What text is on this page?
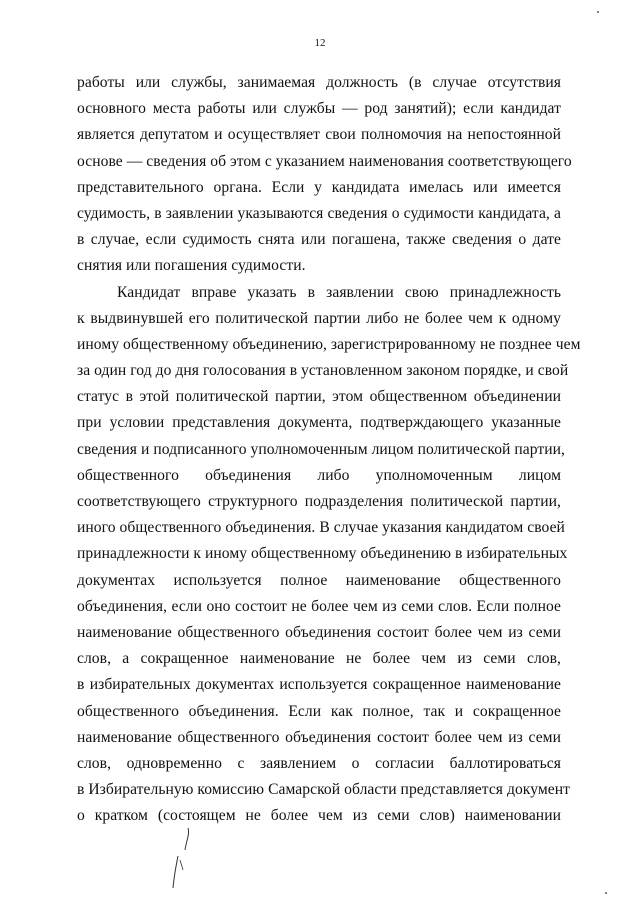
12
работы или службы, занимаемая должность (в случае отсутствия
основного места работы или службы — род занятий); если кандидат
является депутатом и осуществляет свои полномочия на непостоянной
основе — сведения об этом с указанием наименования соответствующего
представительного органа. Если у кандидата имелась или имеется
судимость, в заявлении указываются сведения о судимости кандидата, а
в случае, если судимость снята или погашена, также сведения о дате
снятия или погашения судимости.
Кандидат вправе указать в заявлении свою принадлежность
к выдвинувшей его политической партии либо не более чем к одному
иному общественному объединению, зарегистрированному не позднее чем
за один год до дня голосования в установленном законом порядке, и свой
статус в этой политической партии, этом общественном объединении
при условии представления документа, подтверждающего указанные
сведения и подписанного уполномоченным лицом политической партии,
общественного объединения либо уполномоченным лицом
соответствующего структурного подразделения политической партии,
иного общественного объединения. В случае указания кандидатом своей
принадлежности к иному общественному объединению в избирательных
документах используется полное наименование общественного
объединения, если оно состоит не более чем из семи слов. Если полное
наименование общественного объединения состоит более чем из семи
слов, а сокращенное наименование не более чем из семи слов,
в избирательных документах используется сокращенное наименование
общественного объединения. Если как полное, так и сокращенное
наименование общественного объединения состоит более чем из семи
слов, одновременно с заявлением о согласии баллотироваться
в Избирательную комиссию Самарской области представляется документ
о кратком (состоящем не более чем из семи слов) наименовании
